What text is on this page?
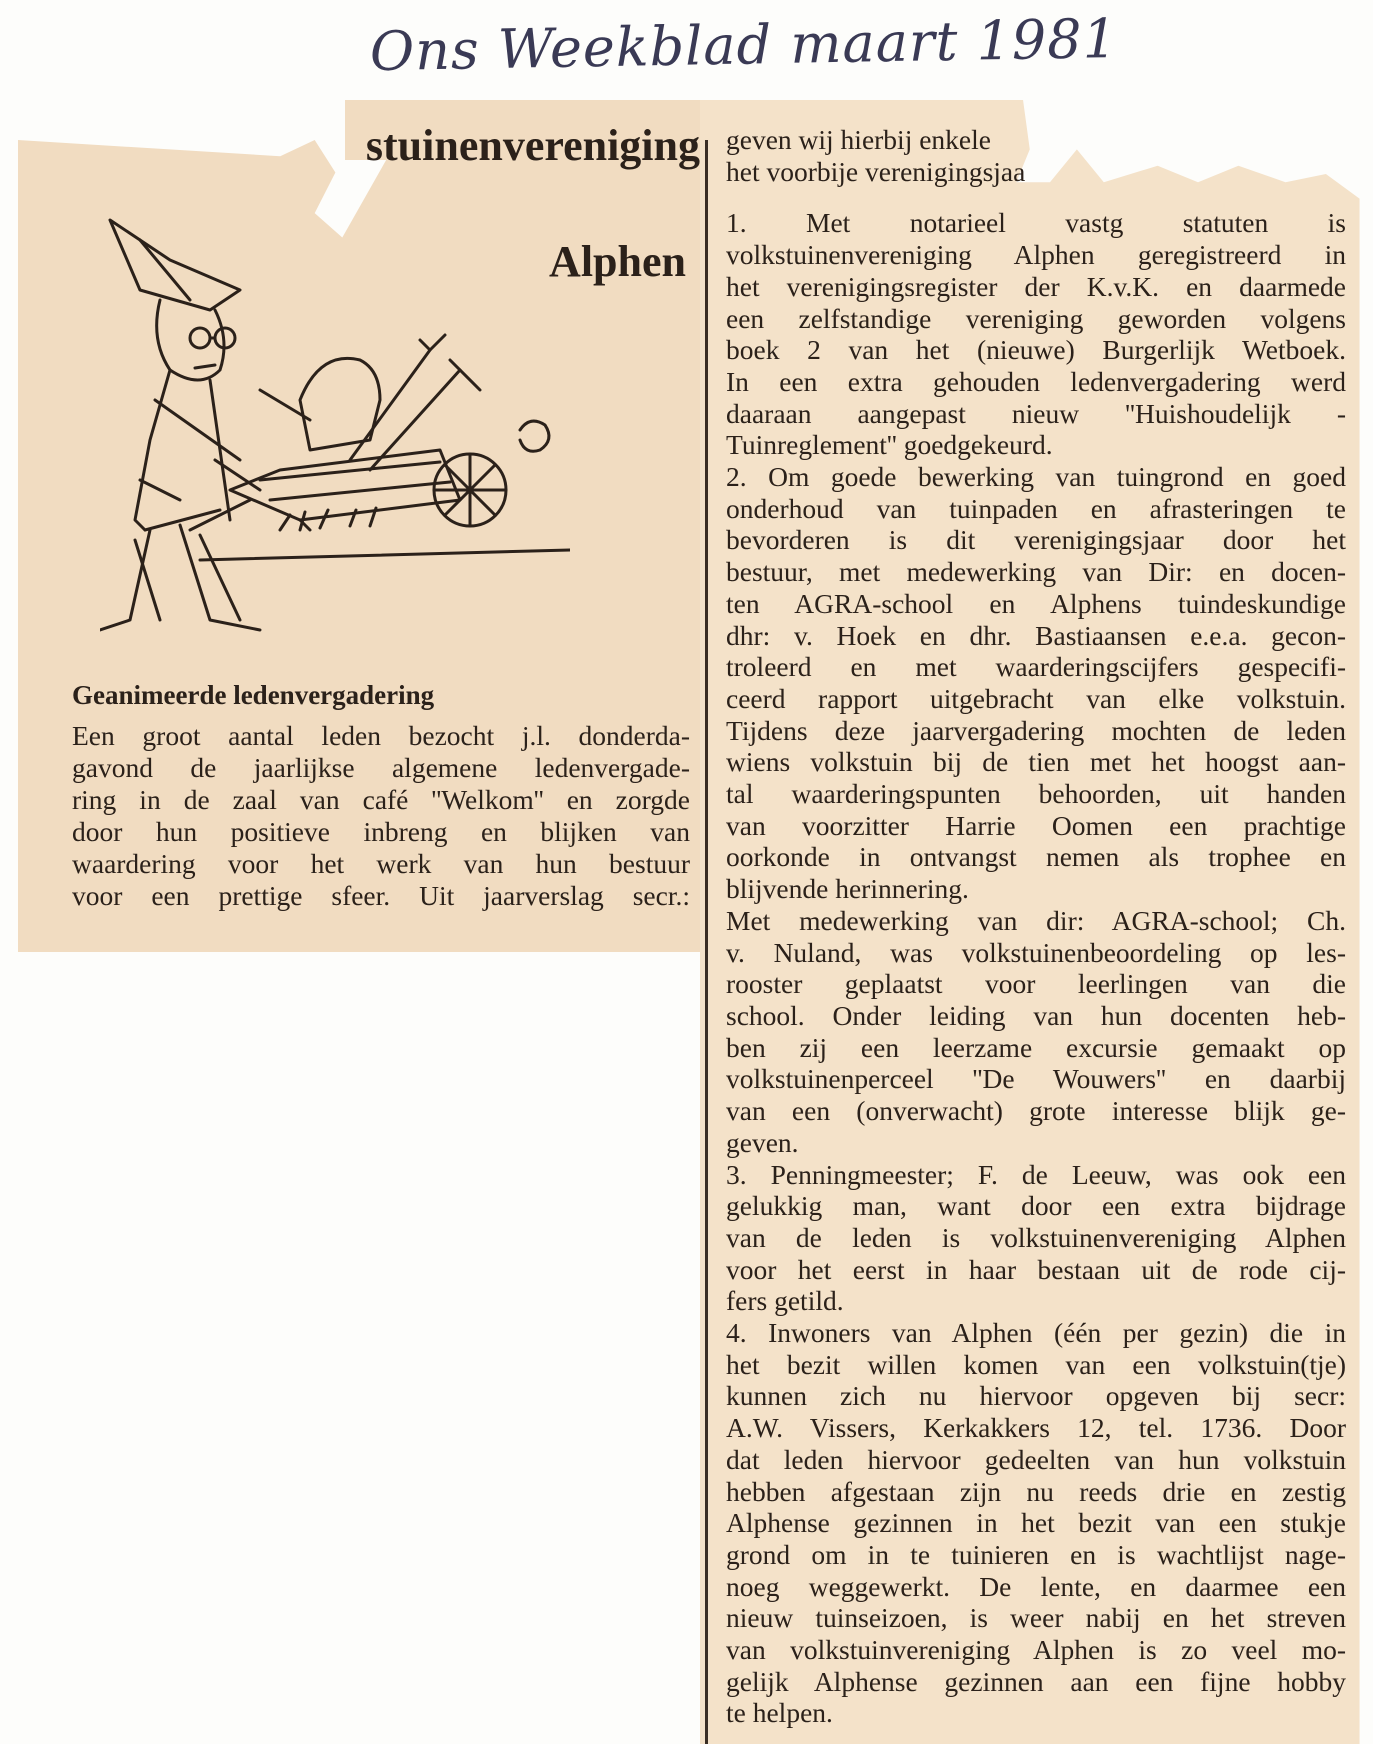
Ons Weekblad maart 1981
stuinenvereniging
Alphen
Geanimeerde ledenvergadering
Een groot aantal leden bezocht j.l. donderda-
gavond de jaarlijkse algemene ledenvergade-
ring in de zaal van café ''Welkom'' en zorgde
door hun positieve inbreng en blijken van
waardering voor het werk van hun bestuur
voor een prettige sfeer. Uit jaarverslag secr.:
geven wij hierbij enkele
het voorbije verenigingsjaa
1. Met notarieel vastg statuten is
volkstuinenvereniging Alphen geregistreerd in
het verenigingsregister der K.v.K. en daarmede
een zelfstandige vereniging geworden volgens
boek 2 van het (nieuwe) Burgerlijk Wetboek.
In een extra gehouden ledenvergadering werd
daaraan aangepast nieuw ''Huishoudelijk -
Tuinreglement'' goedgekeurd.
2. Om goede bewerking van tuingrond en goed
onderhoud van tuinpaden en afrasteringen te
bevorderen is dit verenigingsjaar door het
bestuur, met medewerking van Dir: en docen-
ten AGRA-school en Alphens tuindeskundige
dhr: v. Hoek en dhr. Bastiaansen e.e.a. gecon-
troleerd en met waarderingscijfers gespecifi-
ceerd rapport uitgebracht van elke volkstuin.
Tijdens deze jaarvergadering mochten de leden
wiens volkstuin bij de tien met het hoogst aan-
tal waarderingspunten behoorden, uit handen
van voorzitter Harrie Oomen een prachtige
oorkonde in ontvangst nemen als trophee en
blijvende herinnering.
Met medewerking van dir: AGRA-school; Ch.
v. Nuland, was volkstuinenbeoordeling op les-
rooster geplaatst voor leerlingen van die
school. Onder leiding van hun docenten heb-
ben zij een leerzame excursie gemaakt op
volkstuinenperceel ''De Wouwers'' en daarbij
van een (onverwacht) grote interesse blijk ge-
geven.
3. Penningmeester; F. de Leeuw, was ook een
gelukkig man, want door een extra bijdrage
van de leden is volkstuinenvereniging Alphen
voor het eerst in haar bestaan uit de rode cij-
fers getild.
4. Inwoners van Alphen (één per gezin) die in
het bezit willen komen van een volkstuin(tje)
kunnen zich nu hiervoor opgeven bij secr:
A.W. Vissers, Kerkakkers 12, tel. 1736. Door
dat leden hiervoor gedeelten van hun volkstuin
hebben afgestaan zijn nu reeds drie en zestig
Alphense gezinnen in het bezit van een stukje
grond om in te tuinieren en is wachtlijst nage-
noeg weggewerkt. De lente, en daarmee een
nieuw tuinseizoen, is weer nabij en het streven
van volkstuinvereniging Alphen is zo veel mo-
gelijk Alphense gezinnen aan een fijne hobby
te helpen.
